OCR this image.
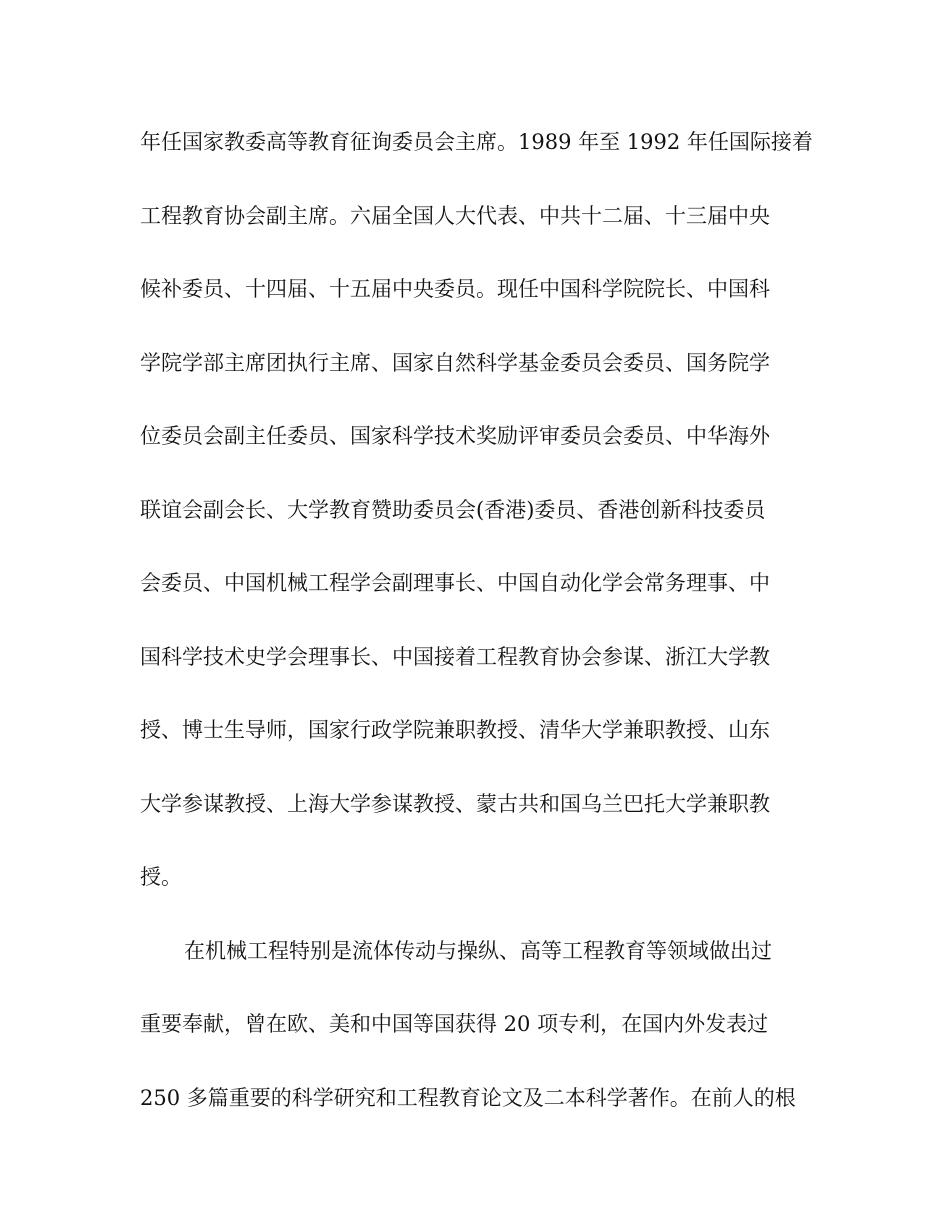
年任国家教委高等教育征询委员会主席。1989 年至 1992 年任国际接着
工程教育协会副主席。六届全国人大代表、中共十二届、十三届中央
候补委员、十四届、十五届中央委员。现任中国科学院院长、中国科
学院学部主席团执行主席、国家自然科学基金委员会委员、国务院学
位委员会副主任委员、国家科学技术奖励评审委员会委员、中华海外
联谊会副会长、大学教育赞助委员会(香港)委员、香港创新科技委员
会委员、中国机械工程学会副理事长、中国自动化学会常务理事、中
国科学技术史学会理事长、中国接着工程教育协会参谋、浙江大学教
授、博士生导师，国家行政学院兼职教授、清华大学兼职教授、山东
大学参谋教授、上海大学参谋教授、蒙古共和国乌兰巴托大学兼职教
授。
在机械工程特别是流体传动与操纵、高等工程教育等领域做出过
重要奉献，曾在欧、美和中国等国获得 20 项专利，在国内外发表过
250 多篇重要的科学研究和工程教育论文及二本科学著作。在前人的根
